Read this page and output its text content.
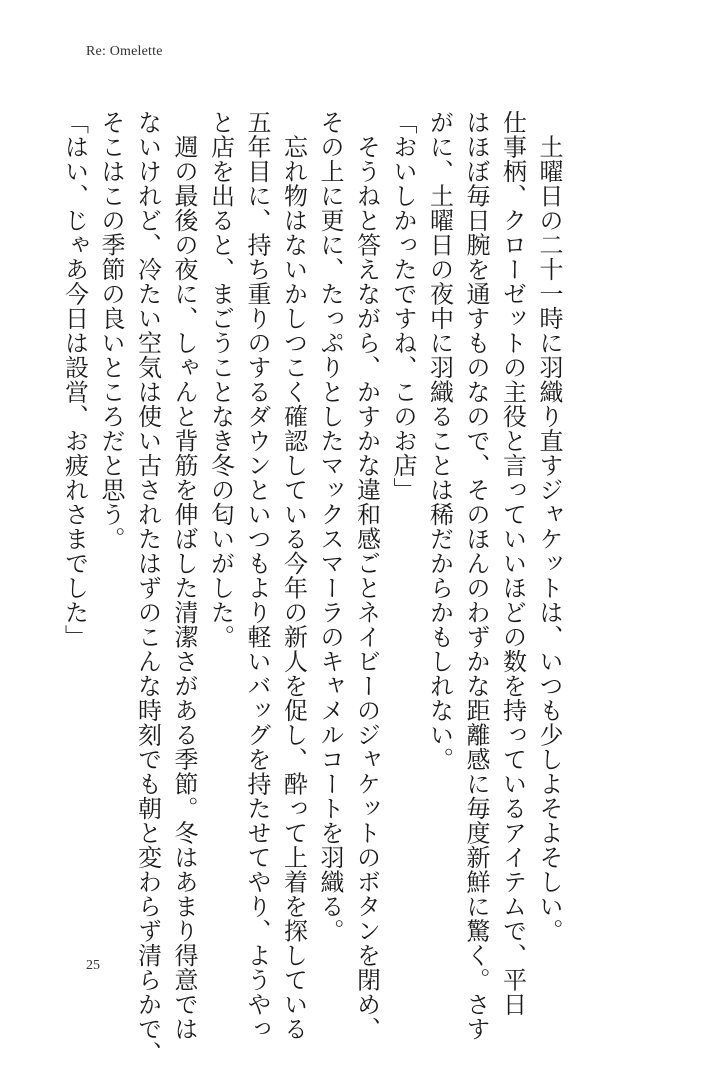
Re: Omelette
　土曜日の二十一時に羽織り直すジャケットは、いつも少しよそよそしい。
仕事柄、クローゼットの主役と言っていいほどの数を持っているアイテムで、平日
はほぼ毎日腕を通すものなので、そのほんのわずかな距離感に毎度新鮮に驚く。さす
がに、土曜日の夜中に羽織ることは稀だからかもしれない。
「おいしかったですね、このお店」
　そうねと答えながら、かすかな違和感ごとネイビーのジャケットのボタンを閉め、
その上に更に、たっぷりとしたマックスマーラのキャメルコートを羽織る。
　忘れ物はないかしつこく確認している今年の新人を促し、酔って上着を探している
五年目に、持ち重りのするダウンといつもより軽いバッグを持たせてやり、ようやっ
と店を出ると、まごうことなき冬の匂いがした。
　週の最後の夜に、しゃんと背筋を伸ばした清潔さがある季節。冬はあまり得意では
ないけれど、冷たい空気は使い古されたはずのこんな時刻でも朝と変わらず清らかで、
そこはこの季節の良いところだと思う。
「はい、じゃあ今日は設営、お疲れさまでした」
25
